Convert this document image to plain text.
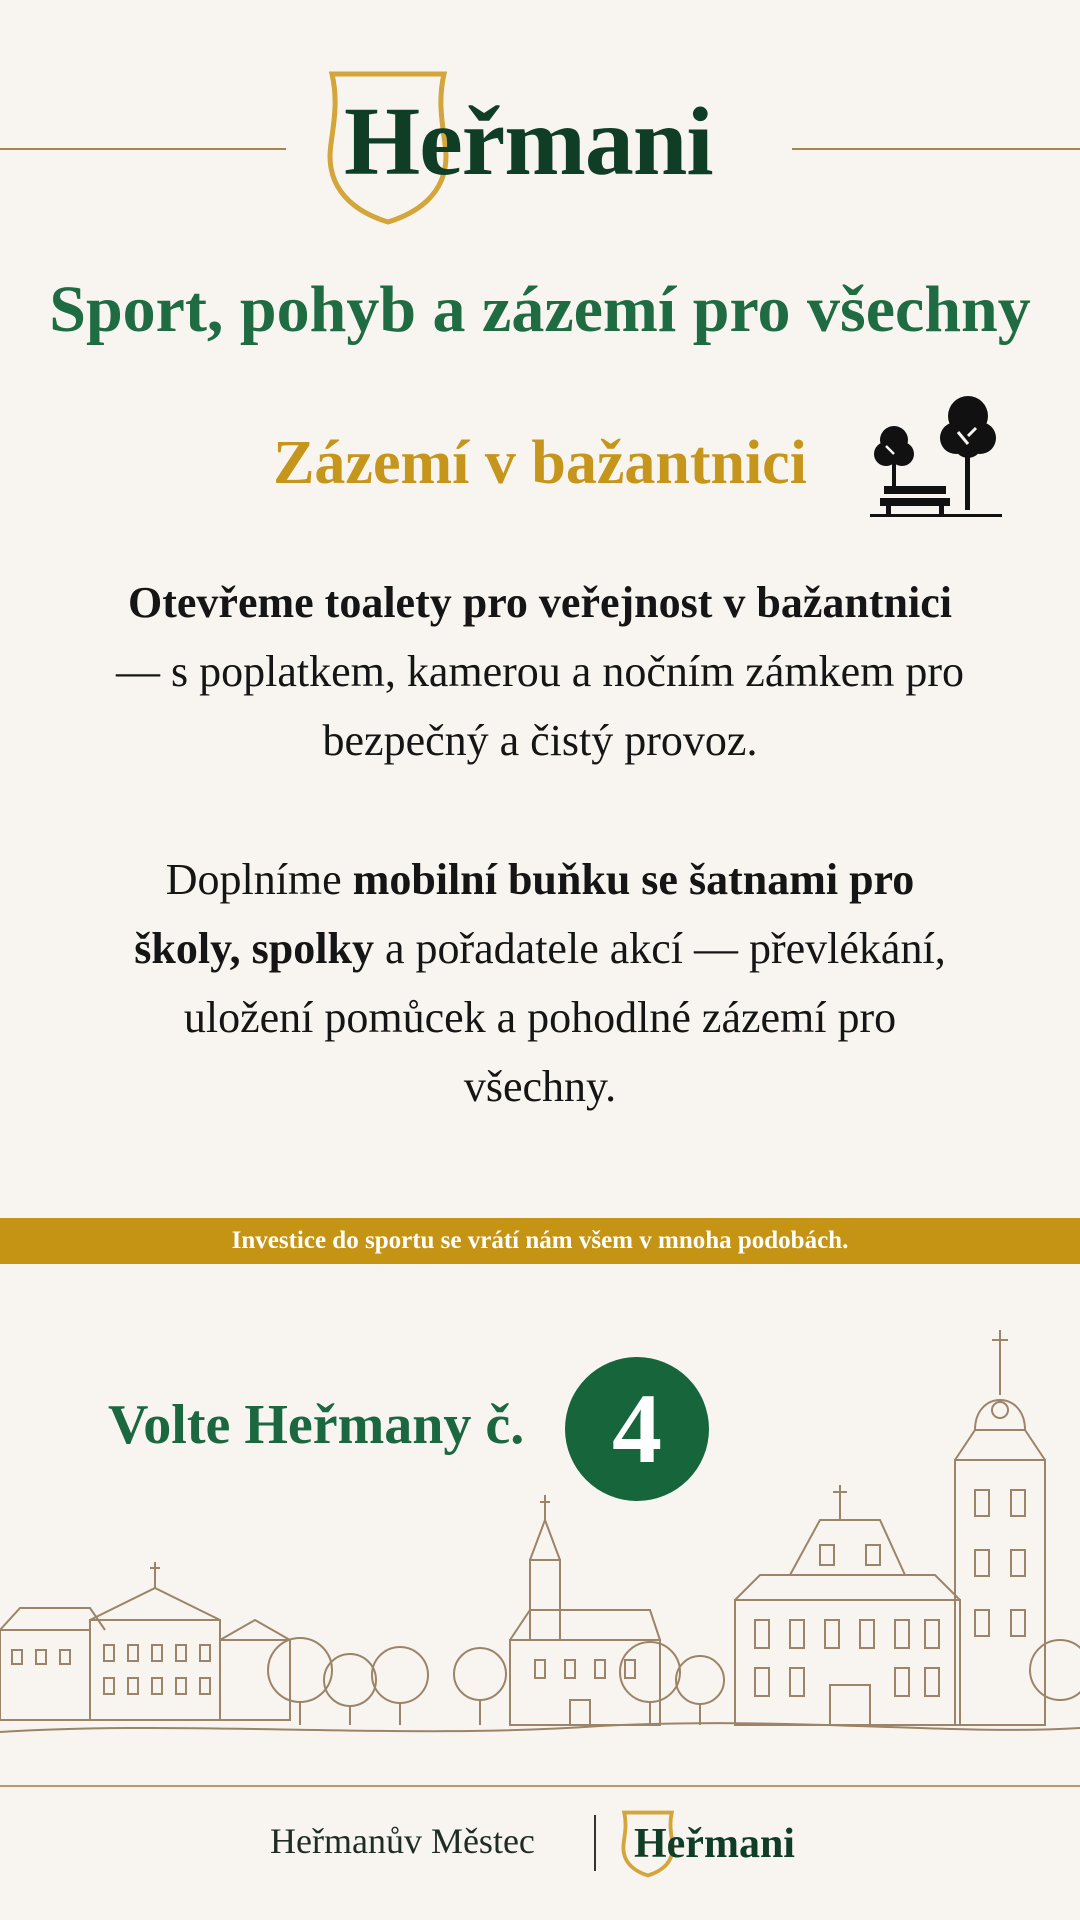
Heřmani
Sport, pohyb a zázemí pro všechny
Zázemí v bažantnici
Otevřeme toalety pro veřejnost v bažantnici
— s poplatkem, kamerou a nočním zámkem pro bezpečný a čistý provoz.
Doplníme mobilní buňku se šatnami pro školy, spolky a pořadatele akcí — převlékání, uložení pomůcek a pohodlné zázemí pro všechny.
Investice do sportu se vrátí nám všem v mnoha podobách.
Volte Heřmany č. 4
Heřmanův Městec Heřmani
